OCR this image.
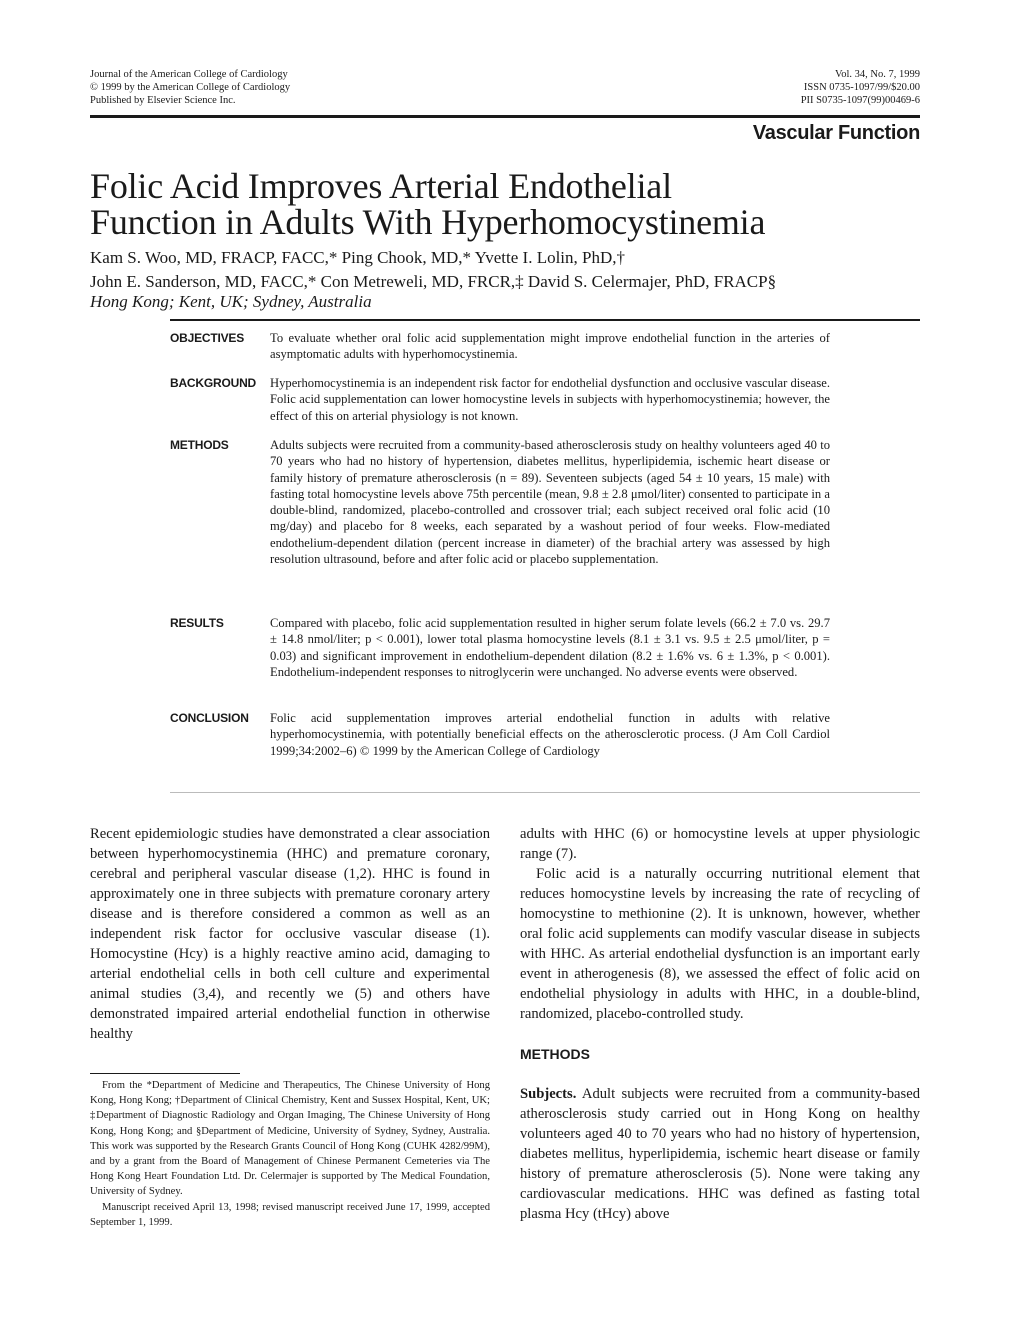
Journal of the American College of Cardiology
© 1999 by the American College of Cardiology
Published by Elsevier Science Inc.
Vol. 34, No. 7, 1999
ISSN 0735-1097/99/$20.00
PII S0735-1097(99)00469-6
Vascular Function
Folic Acid Improves Arterial Endothelial
Function in Adults With Hyperhomocystinemia
Kam S. Woo, MD, FRACP, FACC,* Ping Chook, MD,* Yvette I. Lolin, PhD,†
John E. Sanderson, MD, FACC,* Con Metreweli, MD, FRCR,‡ David S. Celermajer, PhD, FRACP§
Hong Kong; Kent, UK; Sydney, Australia
OBJECTIVES	To evaluate whether oral folic acid supplementation might improve endothelial function in the arteries of asymptomatic adults with hyperhomocystinemia.
BACKGROUND	Hyperhomocystinemia is an independent risk factor for endothelial dysfunction and occlusive vascular disease. Folic acid supplementation can lower homocystine levels in subjects with hyperhomocystinemia; however, the effect of this on arterial physiology is not known.
METHODS	Adults subjects were recruited from a community-based atherosclerosis study on healthy volunteers aged 40 to 70 years who had no history of hypertension, diabetes mellitus, hyperlipidemia, ischemic heart disease or family history of premature atherosclerosis (n = 89). Seventeen subjects (aged 54 ± 10 years, 15 male) with fasting total homocystine levels above 75th percentile (mean, 9.8 ± 2.8 μmol/liter) consented to participate in a double-blind, randomized, placebo-controlled and crossover trial; each subject received oral folic acid (10 mg/day) and placebo for 8 weeks, each separated by a washout period of four weeks. Flow-mediated endothelium-dependent dilation (percent increase in diameter) of the brachial artery was assessed by high resolution ultrasound, before and after folic acid or placebo supplementation.
RESULTS	Compared with placebo, folic acid supplementation resulted in higher serum folate levels (66.2 ± 7.0 vs. 29.7 ± 14.8 nmol/liter; p < 0.001), lower total plasma homocystine levels (8.1 ± 3.1 vs. 9.5 ± 2.5 μmol/liter, p = 0.03) and significant improvement in endothelium-dependent dilation (8.2 ± 1.6% vs. 6 ± 1.3%, p < 0.001). Endothelium-independent responses to nitroglycerin were unchanged. No adverse events were observed.
CONCLUSION	Folic acid supplementation improves arterial endothelial function in adults with relative hyperhomocystinemia, with potentially beneficial effects on the atherosclerotic process. (J Am Coll Cardiol 1999;34:2002–6) © 1999 by the American College of Cardiology

Recent epidemiologic studies have demonstrated a clear association between hyperhomocystinemia (HHC) and premature coronary, cerebral and peripheral vascular disease (1,2). HHC is found in approximately one in three subjects with premature coronary artery disease and is therefore considered a common as well as an independent risk factor for occlusive vascular disease (1). Homocystine (Hcy) is a highly reactive amino acid, damaging to arterial endothelial cells in both cell culture and experimental animal studies (3,4), and recently we (5) and others have demonstrated impaired arterial endothelial function in otherwise healthy

From the *Department of Medicine and Therapeutics, The Chinese University of Hong Kong, Hong Kong; †Department of Clinical Chemistry, Kent and Sussex Hospital, Kent, UK; ‡Department of Diagnostic Radiology and Organ Imaging, The Chinese University of Hong Kong, Hong Kong; and §Department of Medicine, University of Sydney, Sydney, Australia. This work was supported by the Research Grants Council of Hong Kong (CUHK 4282/99M), and by a grant from the Board of Management of Chinese Permanent Cemeteries via The Hong Kong Heart Foundation Ltd. Dr. Celermajer is supported by The Medical Foundation, University of Sydney.

Manuscript received April 13, 1998; revised manuscript received June 17, 1999, accepted September 1, 1999.

adults with HHC (6) or homocystine levels at upper physiologic range (7).

Folic acid is a naturally occurring nutritional element that reduces homocystine levels by increasing the rate of recycling of homocystine to methionine (2). It is unknown, however, whether oral folic acid supplements can modify vascular disease in subjects with HHC. As arterial endothelial dysfunction is an important early event in atherogenesis (8), we assessed the effect of folic acid on endothelial physiology in adults with HHC, in a double-blind, randomized, placebo-controlled study.

METHODS

Subjects. Adult subjects were recruited from a community-based atherosclerosis study carried out in Hong Kong on healthy volunteers aged 40 to 70 years who had no history of hypertension, diabetes mellitus, hyperlipidemia, ischemic heart disease or family history of premature atherosclerosis (5). None were taking any cardiovascular medications. HHC was defined as fasting total plasma Hcy (tHcy) above
